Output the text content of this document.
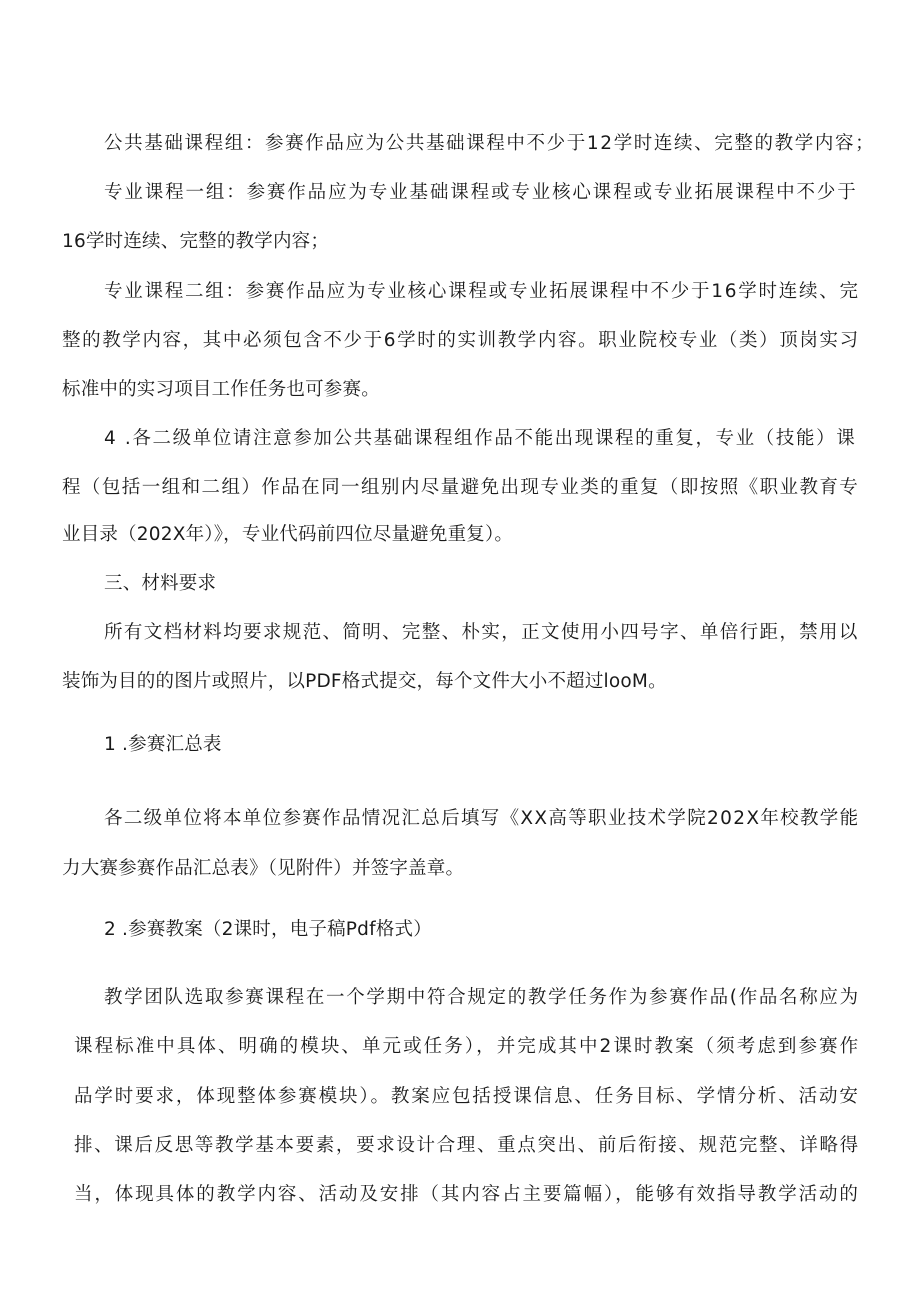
公共基础课程组：参赛作品应为公共基础课程中不少于12学时连续、完整的教学内容；
专业课程一组：参赛作品应为专业基础课程或专业核心课程或专业拓展课程中不少于
16学时连续、完整的教学内容；
专业课程二组：参赛作品应为专业核心课程或专业拓展课程中不少于16学时连续、完
整的教学内容，其中必须包含不少于6学时的实训教学内容。职业院校专业（类）顶岗实习
标准中的实习项目工作任务也可参赛。
4 .各二级单位请注意参加公共基础课程组作品不能出现课程的重复，专业（技能）课
程（包括一组和二组）作品在同一组别内尽量避免出现专业类的重复（即按照《职业教育专
业目录（202X年）》，专业代码前四位尽量避免重复）。
三、材料要求
所有文档材料均要求规范、简明、完整、朴实，正文使用小四号字、单倍行距，禁用以
装饰为目的的图片或照片，以PDF格式提交，每个文件大小不超过looM。
1 .参赛汇总表
各二级单位将本单位参赛作品情况汇总后填写《XX高等职业技术学院202X年校教学能
力大赛参赛作品汇总表》（见附件）并签字盖章。
2 .参赛教案（2课时，电子稿Pdf格式）
教学团队选取参赛课程在一个学期中符合规定的教学任务作为参赛作品(作品名称应为
课程标准中具体、明确的模块、单元或任务），并完成其中2课时教案（须考虑到参赛作
品学时要求，体现整体参赛模块）。教案应包括授课信息、任务目标、学情分析、活动安
排、课后反思等教学基本要素，要求设计合理、重点突出、前后衔接、规范完整、详略得
当，体现具体的教学内容、活动及安排（其内容占主要篇幅），能够有效指导教学活动的
